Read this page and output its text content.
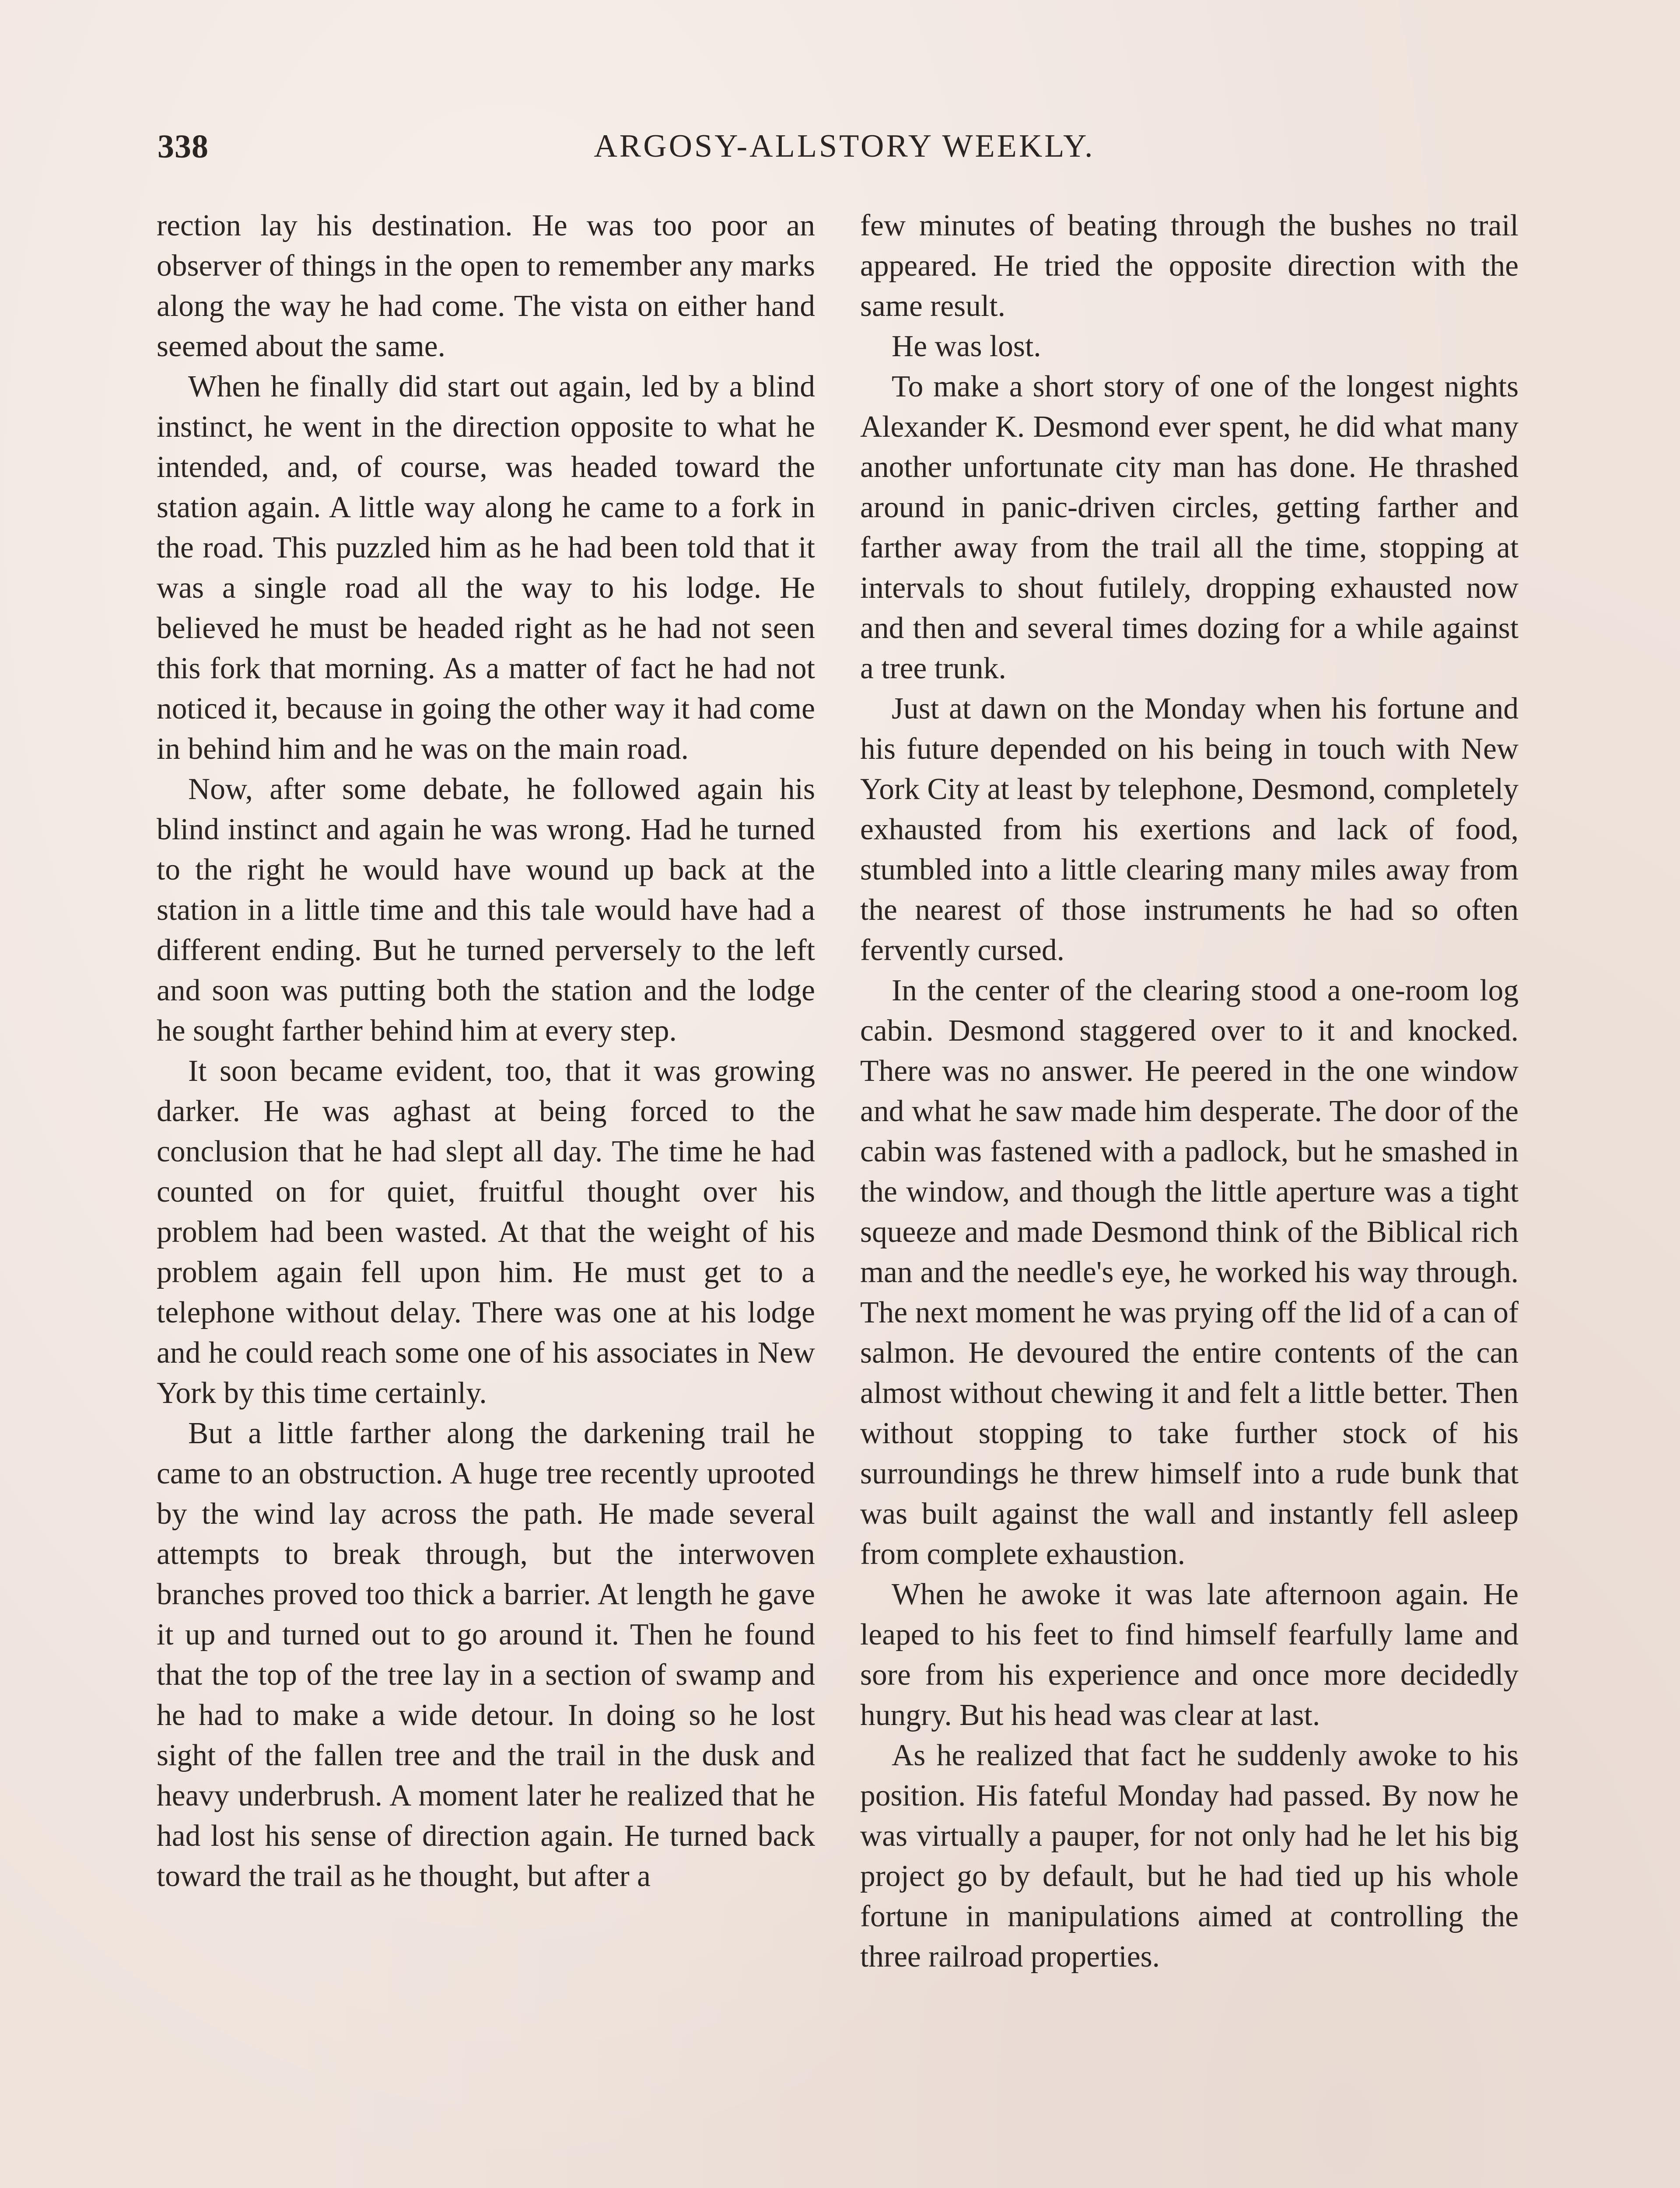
338	ARGOSY-ALLSTORY WEEKLY.

rection lay his destination. He was too poor an observer of things in the open to remember any marks along the way he had come. The vista on either hand seemed about the same.

When he finally did start out again, led by a blind instinct, he went in the direction opposite to what he intended, and, of course, was headed toward the station again. A little way along he came to a fork in the road. This puzzled him as he had been told that it was a single road all the way to his lodge. He believed he must be headed right as he had not seen this fork that morning. As a matter of fact he had not noticed it, because in going the other way it had come in behind him and he was on the main road.

Now, after some debate, he followed again his blind instinct and again he was wrong. Had he turned to the right he would have wound up back at the station in a little time and this tale would have had a different ending. But he turned perversely to the left and soon was putting both the station and the lodge he sought farther behind him at every step.

It soon became evident, too, that it was growing darker. He was aghast at being forced to the conclusion that he had slept all day. The time he had counted on for quiet, fruitful thought over his problem had been wasted. At that the weight of his problem again fell upon him. He must get to a telephone without delay. There was one at his lodge and he could reach some one of his associates in New York by this time certainly.

But a little farther along the darkening trail he came to an obstruction. A huge tree recently uprooted by the wind lay across the path. He made several attempts to break through, but the interwoven branches proved too thick a barrier. At length he gave it up and turned out to go around it. Then he found that the top of the tree lay in a section of swamp and he had to make a wide detour. In doing so he lost sight of the fallen tree and the trail in the dusk and heavy underbrush. A moment later he realized that he had lost his sense of direction again. He turned back toward the trail as he thought, but after a

few minutes of beating through the bushes no trail appeared. He tried the opposite direction with the same result.

He was lost.

To make a short story of one of the longest nights Alexander K. Desmond ever spent, he did what many another unfortunate city man has done. He thrashed around in panic-driven circles, getting farther and farther away from the trail all the time, stopping at intervals to shout futilely, dropping exhausted now and then and several times dozing for a while against a tree trunk.

Just at dawn on the Monday when his fortune and his future depended on his being in touch with New York City at least by telephone, Desmond, completely exhausted from his exertions and lack of food, stumbled into a little clearing many miles away from the nearest of those instruments he had so often fervently cursed.

In the center of the clearing stood a one-room log cabin. Desmond staggered over to it and knocked. There was no answer. He peered in the one window and what he saw made him desperate. The door of the cabin was fastened with a padlock, but he smashed in the window, and though the little aperture was a tight squeeze and made Desmond think of the Biblical rich man and the needle's eye, he worked his way through. The next moment he was prying off the lid of a can of salmon. He devoured the entire contents of the can almost without chewing it and felt a little better. Then without stopping to take further stock of his surroundings he threw himself into a rude bunk that was built against the wall and instantly fell asleep from complete exhaustion.

When he awoke it was late afternoon again. He leaped to his feet to find himself fearfully lame and sore from his experience and once more decidedly hungry. But his head was clear at last.

As he realized that fact he suddenly awoke to his position. His fateful Monday had passed. By now he was virtually a pauper, for not only had he let his big project go by default, but he had tied up his whole fortune in manipulations aimed at controlling the three railroad properties.
